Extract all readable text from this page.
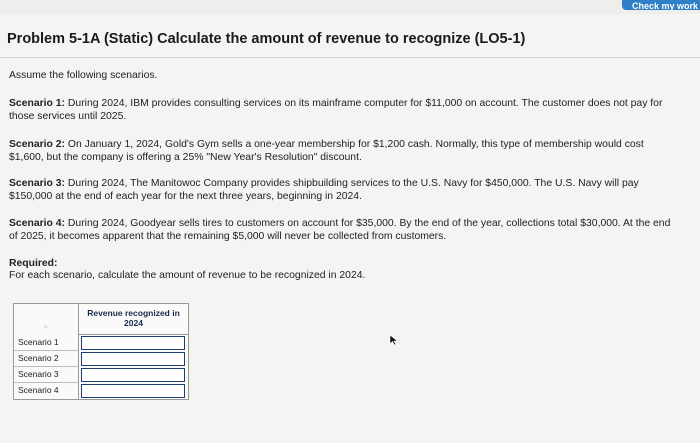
Check my work
Problem 5-1A (Static) Calculate the amount of revenue to recognize (LO5-1)
Assume the following scenarios.
Scenario 1: During 2024, IBM provides consulting services on its mainframe computer for $11,000 on account. The customer does not pay for those services until 2025.
Scenario 2: On January 1, 2024, Gold's Gym sells a one-year membership for $1,200 cash. Normally, this type of membership would cost $1,600, but the company is offering a 25% "New Year's Resolution" discount.
Scenario 3: During 2024, The Manitowoc Company provides shipbuilding services to the U.S. Navy for $450,000. The U.S. Navy will pay $150,000 at the end of each year for the next three years, beginning in 2024.
Scenario 4: During 2024, Goodyear sells tires to customers on account for $35,000. By the end of the year, collections total $30,000. At the end of 2025, it becomes apparent that the remaining $5,000 will never be collected from customers.
Required:
For each scenario, calculate the amount of revenue to be recognized in 2024.
▵
Revenue recognized in 2024
Scenario 1
Scenario 2
Scenario 3
Scenario 4
